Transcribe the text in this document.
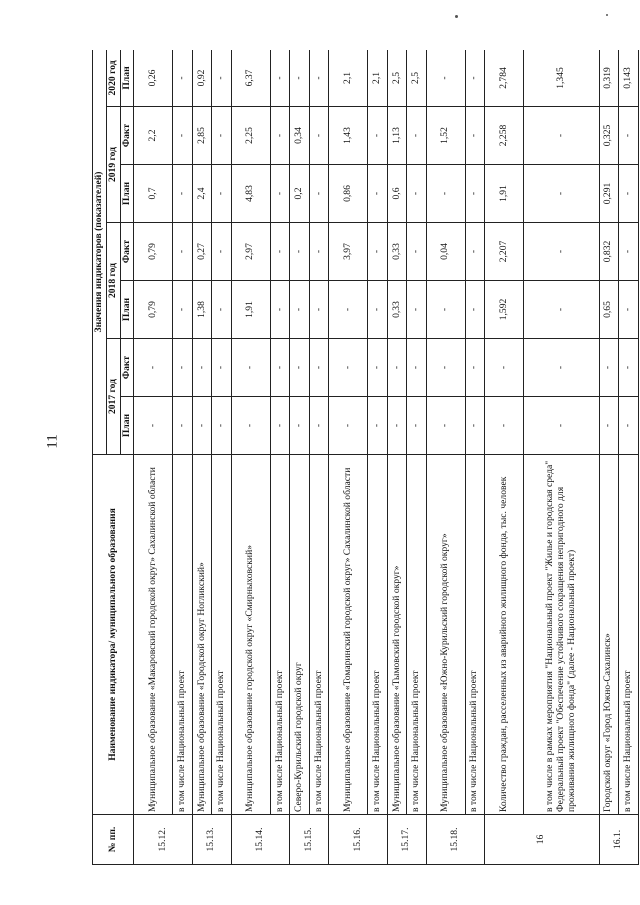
11
№ пп.	Наименование индикатора/ муниципального образования	Значения индикаторов (показателей)						
		2017 год		2018 год		2019 год		2020 год
		План	Факт	План	Факт	План	Факт	План
15.12.	Муниципальное образование «Макаровский городской округ» Сахалинской области	-	-	0,79	0,79	0,7	2,2	0,26
	в том числе Национальный проект	-	-	-	-	-	-	-
15.13.	Муниципальное образование «Городской округ Ногликский»	-	-	1,38	0,27	2,4	2,85	0,92
	в том числе Национальный проект	-	-	-	-	-	-	-
15.14.	Муниципальное образование городской округ «Смирныховский»	-	-	1,91	2,97	4,83	2,25	6,37
	в том числе Национальный проект	-	-	-	-	-	-	-
15.15.	Северо-Курильский городской округ	-	-	-	-	0,2	0,34	-
	в том числе Национальный проект	-	-	-	-	-	-	-
15.16.	Муниципальное образование «Томаринский городской округ» Сахалинской области	-	-	-	3,97	0,86	1,43	2,1
	в том числе Национальный проект	-	-	-	-	-	-	2,1
15.17.	Муниципальное образование «Тымовский городской округ»	-	-	0,33	0,33	0,6	1,13	2,5
	в том числе Национальный проект	-	-	-	-	-	-	2,5
15.18.	Муниципальное образование «Южно-Курильский городской округ»	-	-	-	0,04	-	1,52	-
	в том числе Национальный проект	-	-	-	-	-	-	-
16	Количество граждан, расселенных из аварийного жилищного фонда, тыс. человек	-	-	1,592	2,207	1,91	2,258	2,784
	в том числе в рамках мероприятия "Национальный проект "Жилье и городская среда" Федеральный проект "Обеспечение устойчивого сокращения непригодного для проживания жилищного фонда" (далее - Национальный проект)	-	-	-	-	-	-	1,345
16.1.	Городской округ «Город Южно-Сахалинск»	-	-	0,65	0,832	0,291	0,325	0,319
	в том числе Национальный проект	-	-	-	-	-	-	0,143
